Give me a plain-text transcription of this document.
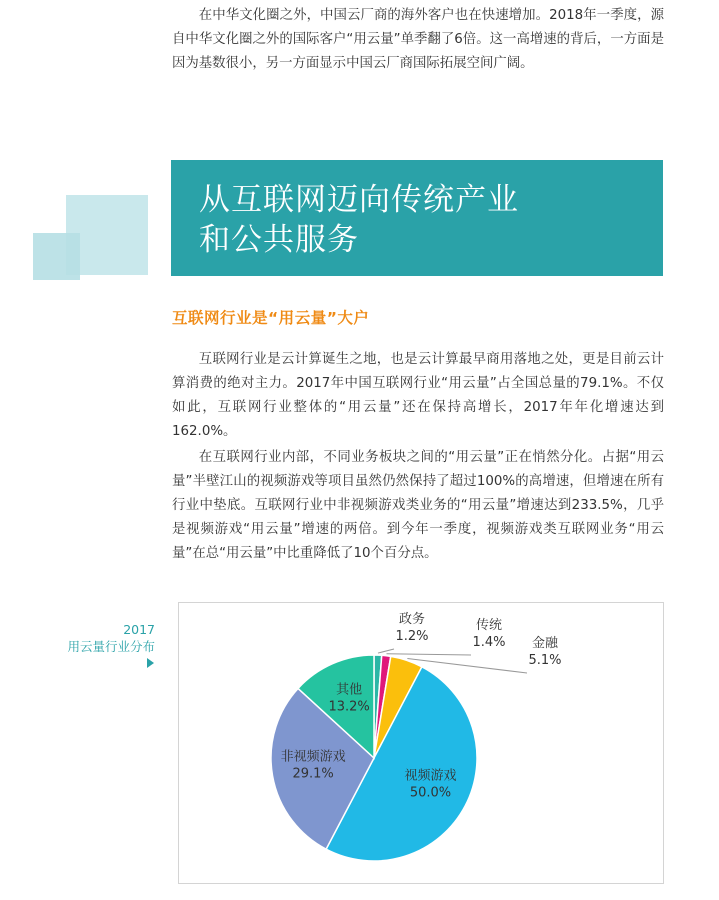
在中华文化圈之外，中国云厂商的海外客户也在快速增加。2018年一季度，源自中华文化圈之外的国际客户“用云量”单季翻了6倍。这一高增速的背后，一方面是因为基数很小，另一方面显示中国云厂商国际拓展空间广阔。

从互联网迈向传统产业
和公共服务
互联网行业是“用云量”大户

互联网行业是云计算诞生之地，也是云计算最早商用落地之处，更是目前云计算消费的绝对主力。2017年中国互联网行业“用云量”占全国总量的79.1%。不仅如此，互联网行业整体的“用云量”还在保持高增长，2017年年化增速达到162.0%。

在互联网行业内部，不同业务板块之间的“用云量”正在悄然分化。占据“用云量”半壁江山的视频游戏等项目虽然仍然保持了超过100%的高增速，但增速在所有行业中垫底。互联网行业中非视频游戏类业务的“用云量”增速达到233.5%，几乎是视频游戏“用云量”增速的两倍。到今年一季度，视频游戏类互联网业务“用云量”在总“用云量”中比重降低了10个百分点。

2017
用云量行业分布
政务
1.2%
传统
1.4% 金融
5.1%
视频游戏
50.0%
非视频游戏
29.1%
其他
13.2%
